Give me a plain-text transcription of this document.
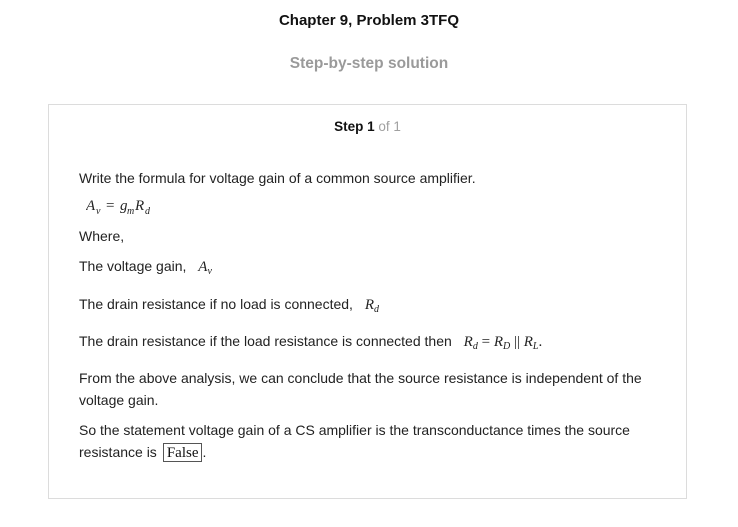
Chapter 9, Problem 3TFQ
Step-by-step solution
Step 1 of 1

Write the formula for voltage gain of a common source amplifier.

A v = g m R d

Where,

The voltage gain, $A_v$

The drain resistance if no load is connected, $R_d$

The drain resistance if the load resistance is connected then $R_d = R_D$ || $R_L$.

From the above analysis, we can conclude that the source resistance is independent of the voltage gain.

So the statement voltage gain of a CS amplifier is the transconductance times the source resistance is False .
